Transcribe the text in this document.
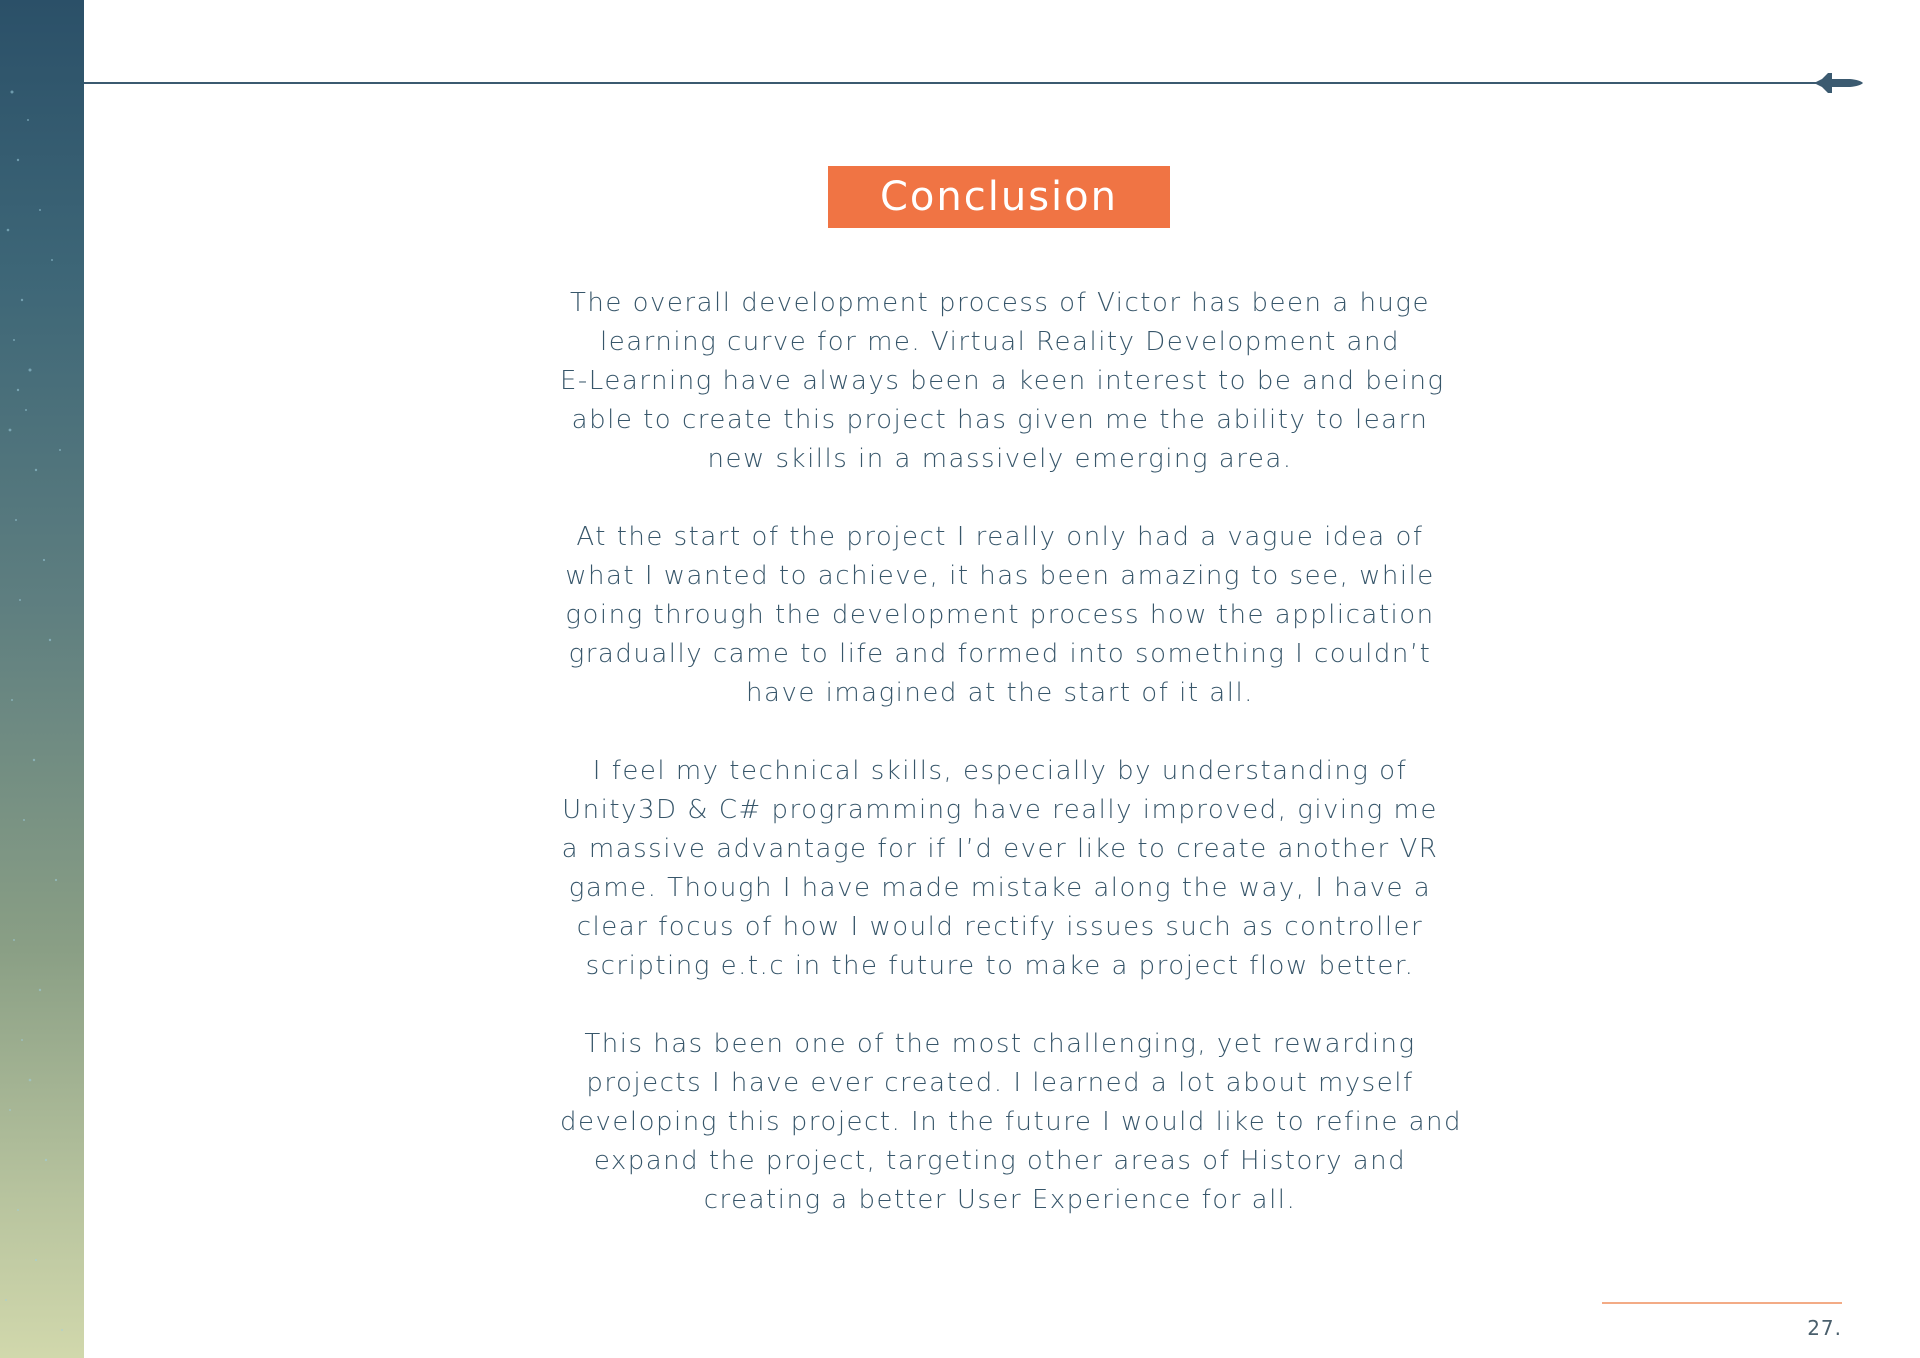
Conclusion

The overall development process of Victor has been a huge
learning curve for me. Virtual Reality Development and
E-Learning have always been a keen interest to be and being
able to create this project has given me the ability to learn
new skills in a massively emerging area.

At the start of the project I really only had a vague idea of
what I wanted to achieve, it has been amazing to see, while
going through the development process how the application
gradually came to life and formed into something I couldn’t
have imagined at the start of it all.

I feel my technical skills, especially by understanding of
Unity3D & C# programming have really improved, giving me
a massive advantage for if I’d ever like to create another VR
game. Though I have made mistake along the way, I have a
clear focus of how I would rectify issues such as controller
scripting e.t.c in the future to make a project flow better.

This has been one of the most challenging, yet rewarding
projects I have ever created. I learned a lot about myself
developing this project. In the future I would like to refine and
expand the project, targeting other areas of History and
creating a better User Experience for all.

27.
